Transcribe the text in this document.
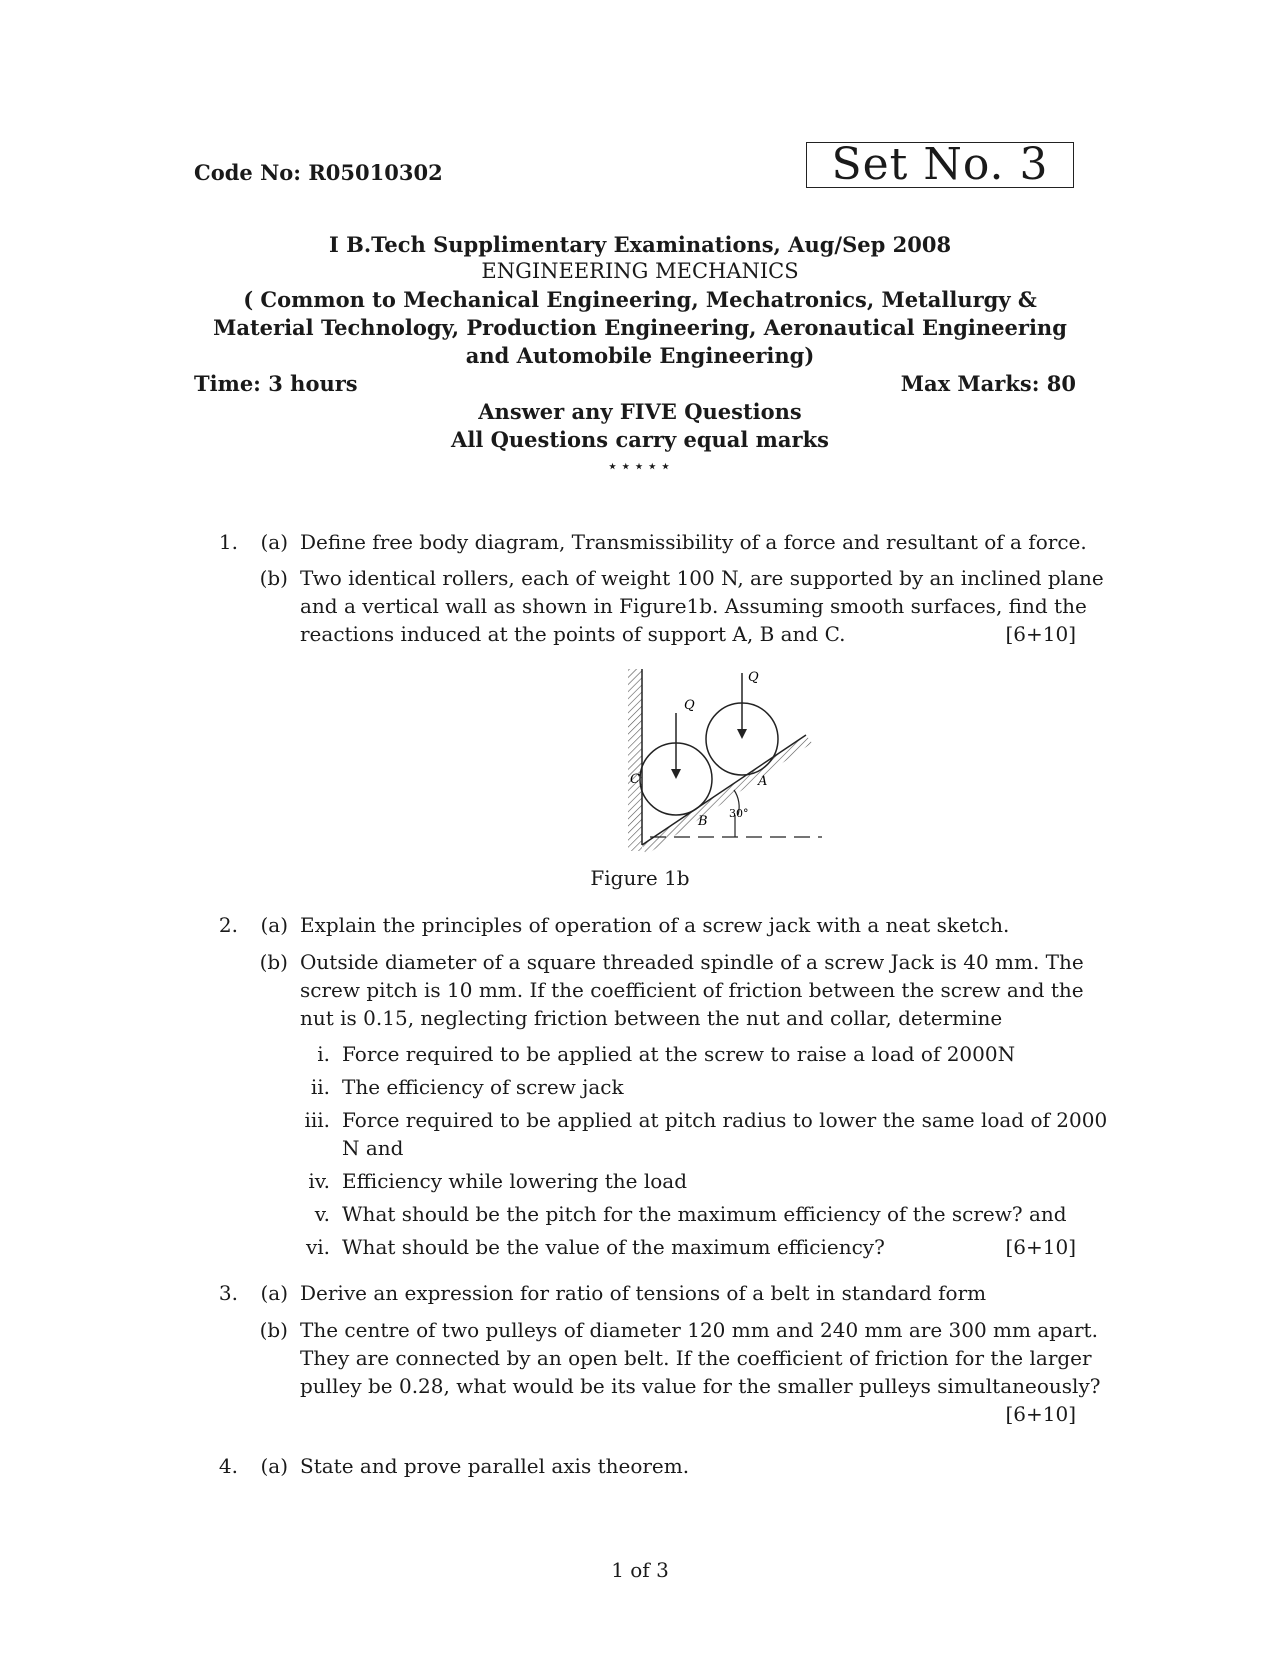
Code No: R05010302	Set No. 3
I B.Tech Supplimentary Examinations, Aug/Sep 2008
ENGINEERING MECHANICS
( Common to Mechanical Engineering, Mechatronics, Metallurgy &
Material Technology, Production Engineering, Aeronautical Engineering
and Automobile Engineering)
Time: 3 hours	Max Marks: 80
Answer any FIVE Questions
All Questions carry equal marks
⋆⋆⋆⋆⋆
1.	(a) Define free body diagram, Transmissibility of a force and resultant of a force.
(b) Two identical rollers, each of weight 100 N, are supported by an inclined plane
and a vertical wall as shown in Figure1b. Assuming smooth surfaces, find the
reactions induced at the points of support A, B and C.	[6+10]
Q
Q
C	A
B
30°
Figure 1b
2.	(a) Explain the principles of operation of a screw jack with a neat sketch.
(b) Outside diameter of a square threaded spindle of a screw Jack is 40 mm. The
screw pitch is 10 mm. If the coefficient of friction between the screw and the
nut is 0.15, neglecting friction between the nut and collar, determine
i. Force required to be applied at the screw to raise a load of 2000N
ii. The efficiency of screw jack
iii. Force required to be applied at pitch radius to lower the same load of 2000
N and
iv. Efficiency while lowering the load
v. What should be the pitch for the maximum efficiency of the screw? and
vi. What should be the value of the maximum efficiency?	[6+10]
3.	(a) Derive an expression for ratio of tensions of a belt in standard form
(b) The centre of two pulleys of diameter 120 mm and 240 mm are 300 mm apart.
They are connected by an open belt. If the coefficient of friction for the larger
pulley be 0.28, what would be its value for the smaller pulleys simultaneously?
[6+10]
4.	(a) State and prove parallel axis theorem.
1 of 3
